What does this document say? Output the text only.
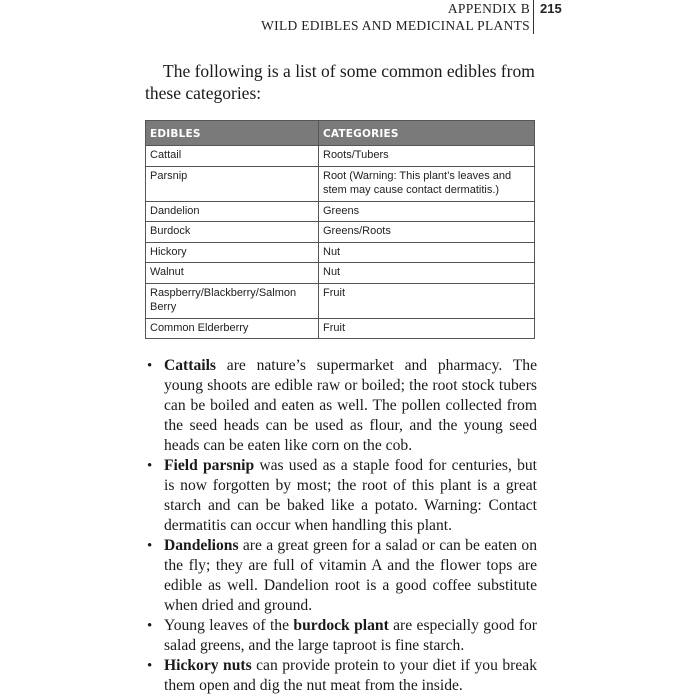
APPENDIX B
WILD EDIBLES AND MEDICINAL PLANTS
215

The following is a list of some common edibles from these categories:

EDIBLES	CATEGORIES
Cattail	Roots/Tubers
Parsnip	Root (Warning: This plant’s leaves and stem may cause contact dermatitis.)
Dandelion	Greens
Burdock	Greens/Roots
Hickory	Nut
Walnut	Nut
Raspberry/Blackberry/Salmon Berry	Fruit
Common Elderberry	Fruit
• Cattails are nature’s supermarket and pharmacy. The young shoots are edible raw or boiled; the root stock tubers can be boiled and eaten as well. The pollen collected from the seed heads can be used as flour, and the young seed heads can be eaten like corn on the cob.
• Field parsnip was used as a staple food for centuries, but is now forgotten by most; the root of this plant is a great starch and can be baked like a potato. Warning: Contact dermatitis can occur when handling this plant.
• Dandelions are a great green for a salad or can be eaten on the fly; they are full of vitamin A and the flower tops are edible as well. Dandelion root is a good coffee substitute when dried and ground.
• Young leaves of the burdock plant are especially good for salad greens, and the large taproot is fine starch.
• Hickory nuts can provide protein to your diet if you break them open and dig the nut meat from the inside.
